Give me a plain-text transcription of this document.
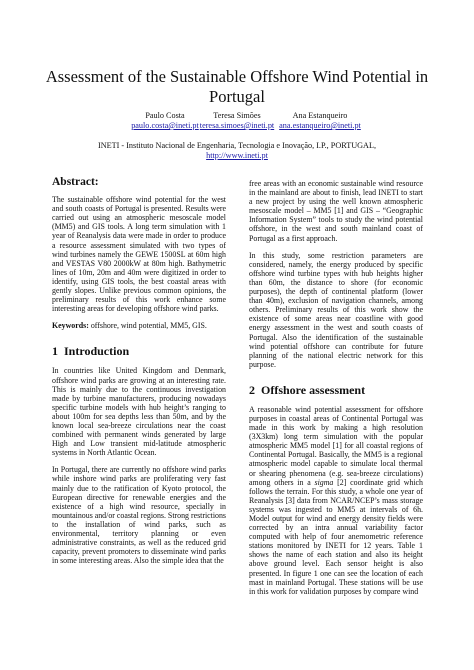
Assessment of the Sustainable Offshore Wind Potential in Portugal
Paulo Costa
paulo.costa@ineti.pt
Teresa Simões
teresa.simoes@ineti.pt
Ana Estanqueiro
ana.estanqueiro@ineti.pt
INETI - Instituto Nacional de Engenharia, Tecnologia e Inovação, I.P., PORTUGAL,
http://www.ineti.pt
Abstract:

The sustainable offshore wind potential for the west and south coasts of Portugal is presented. Results were carried out using an atmospheric mesoscale model (MM5) and GIS tools. A long term simulation with 1 year of Reanalysis data were made in order to produce a resource assessment simulated with two types of wind turbines namely the GEWE 1500SL at 60m high and VESTAS V80 2000kW at 80m high. Bathymetric lines of 10m, 20m and 40m were digitized in order to identify, using GIS tools, the best coastal areas with gently slopes. Unlike previous common opinions, the preliminary results of this work enhance some interesting areas for developing offshore wind parks.

Keywords: offshore, wind potential, MM5, GIS.

1 Introduction

In countries like United Kingdom and Denmark, offshore wind parks are growing at an interesting rate. This is mainly due to the continuous investigation made by turbine manufacturers, producing nowadays specific turbine models with hub height’s ranging to about 100m for sea depths less than 50m, and by the known local sea-breeze circulations near the coast combined with permanent winds generated by large High and Low transient mid-latitude atmospheric systems in North Atlantic Ocean.

In Portugal, there are currently no offshore wind parks while inshore wind parks are proliferating very fast mainly due to the ratification of Kyoto protocol, the European directive for renewable energies and the existence of a high wind resource, specially in mountainous and/or coastal regions. Strong restrictions to the installation of wind parks, such as environmental, territory planning or even administrative constraints, as well as the reduced grid capacity, prevent promoters to disseminate wind parks in some interesting areas. Also the simple idea that the

free areas with an economic sustainable wind resource in the mainland are about to finish, lead INETI to start a new project by using the well known atmospheric mesoscale model – MM5 [1] and GIS – “Geographic Information System” tools to study the wind potential offshore, in the west and south mainland coast of Portugal as a first approach.

In this study, some restriction parameters are considered, namely, the energy produced by specific offshore wind turbine types with hub heights higher than 60m, the distance to shore (for economic purposes), the depth of continental platform (lower than 40m), exclusion of navigation channels, among others. Preliminary results of this work show the existence of some areas near coastline with good energy assessment in the west and south coasts of Portugal. Also the identification of the sustainable wind potential offshore can contribute for future planning of the national electric network for this purpose.

2 Offshore assessment

A reasonable wind potential assessment for offshore purposes in coastal areas of Continental Portugal was made in this work by making a high resolution (3X3km) long term simulation with the popular atmospheric MM5 model [1] for all coastal regions of Continental Portugal. Basically, the MM5 is a regional atmospheric model capable to simulate local thermal or shearing phenomena (e.g. sea-breeze circulations) among others in a sigma [2] coordinate grid which follows the terrain. For this study, a whole one year of Reanalysis [3] data from NCAR/NCEP’s mass storage systems was ingested to MM5 at intervals of 6h. Model output for wind and energy density fields were corrected by an intra annual variability factor computed with help of four anemometric reference stations monitored by INETI for 12 years. Table 1 shows the name of each station and also its height above ground level. Each sensor height is also presented. In figure 1 one can see the location of each mast in mainland Portugal. These stations will be use in this work for validation purposes by compare wind
